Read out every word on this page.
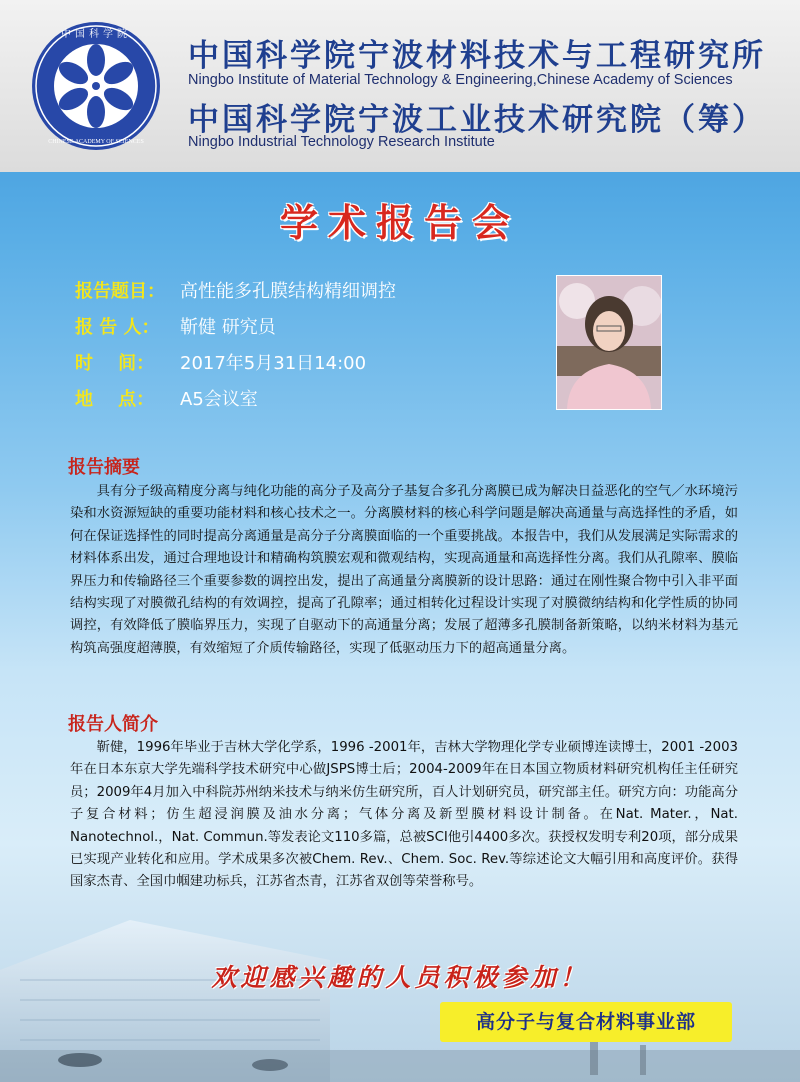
中国科学院
CHINESE ACADEMY OF SCIENCES
中国科学院宁波材料技术与工程研究所
Ningbo Institute of Material Technology & Engineering,Chinese Academy of Sciences
中国科学院宁波工业技术研究院（筹）
Ningbo Industrial Technology Research Institute
学术报告会
报告题目： 高性能多孔膜结构精细调控
报 告 人： 靳健 研究员
时    间： 2017年5月31日14:00
地    点： A5会议室
报告摘要

具有分子级高精度分离与纯化功能的高分子及高分子基复合多孔分离膜已成为解决日益恶化的空气／水环境污染和水资源短缺的重要功能材料和核心技术之一。分离膜材料的核心科学问题是解决高通量与高选择性的矛盾，如何在保证选择性的同时提高分离通量是高分子分离膜面临的一个重要挑战。本报告中，我们从发展满足实际需求的材料体系出发，通过合理地设计和精确构筑膜宏观和微观结构，实现高通量和高选择性分离。我们从孔隙率、膜临界压力和传输路径三个重要参数的调控出发，提出了高通量分离膜新的设计思路：通过在刚性聚合物中引入非平面结构实现了对膜微孔结构的有效调控，提高了孔隙率；通过相转化过程设计实现了对膜微纳结构和化学性质的协同调控，有效降低了膜临界压力，实现了自驱动下的高通量分离；发展了超薄多孔膜制备新策略，以纳米材料为基元构筑高强度超薄膜，有效缩短了介质传输路径，实现了低驱动压力下的超高通量分离。

报告人简介

靳健，1996年毕业于吉林大学化学系，1996 -2001年，吉林大学物理化学专业硕博连读博士，2001 -2003年在日本东京大学先端科学技术研究中心做JSPS博士后；2004-2009年在日本国立物质材料研究机构任主任研究员；2009年4月加入中科院苏州纳米技术与纳米仿生研究所，百人计划研究员，研究部主任。研究方向：功能高分子复合材料；仿生超浸润膜及油水分离；气体分离及新型膜材料设计制备。在Nat. Mater.，Nat. Nanotechnol.，Nat. Commun.等发表论文110多篇，总被SCI他引4400多次。获授权发明专利20项，部分成果已实现产业转化和应用。学术成果多次被Chem. Rev.、Chem. Soc. Rev.等综述论文大幅引用和高度评价。获得国家杰青、全国巾帼建功标兵，江苏省杰青，江苏省双创等荣誉称号。

欢迎感兴趣的人员积极参加！
高分子与复合材料事业部
